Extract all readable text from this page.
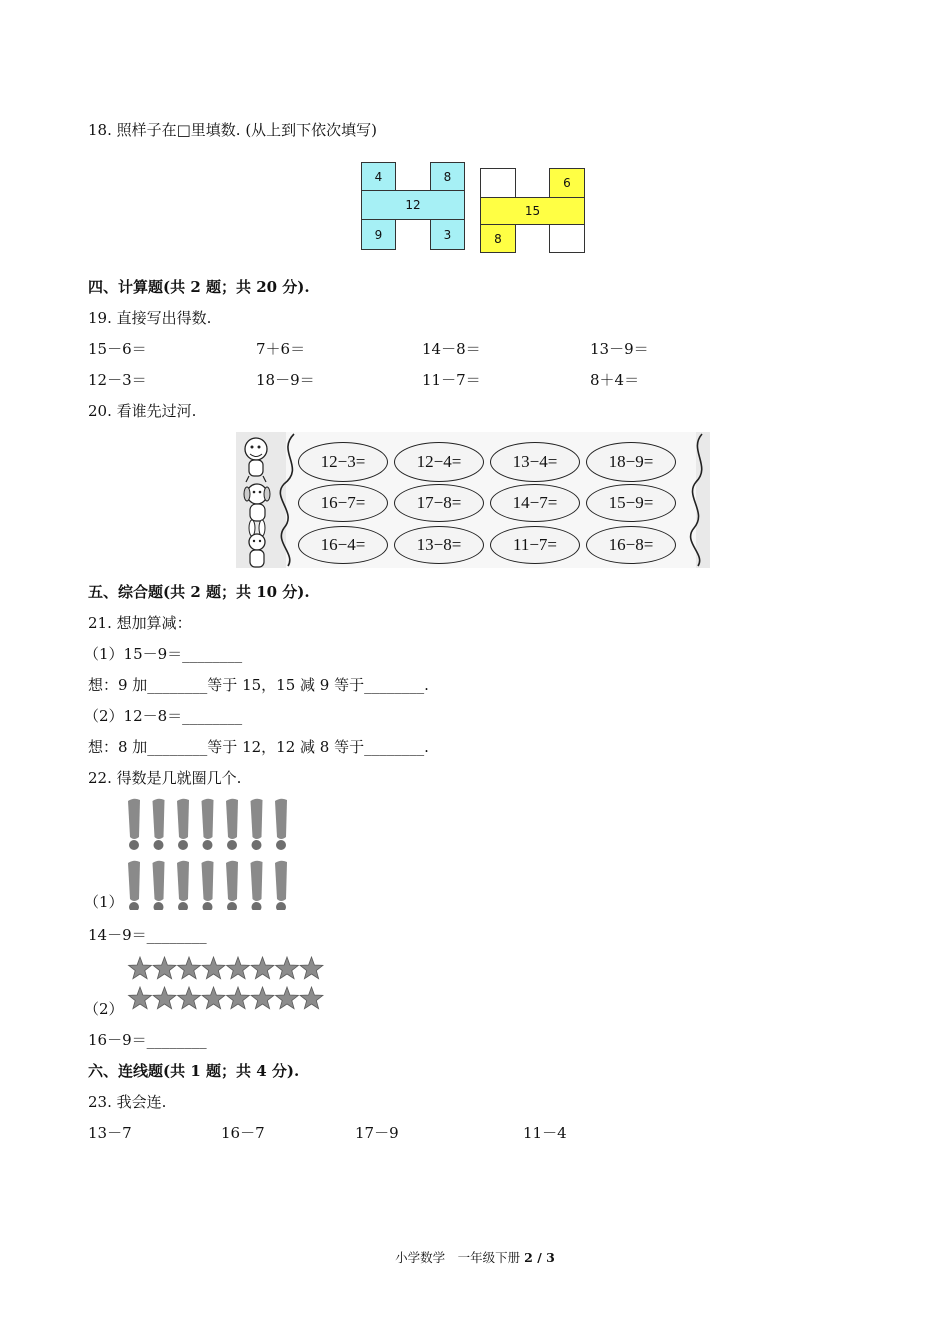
18. 照样子在□里填数. (从上到下依次填写)
4	8
12
9	3
6
15
8
四、计算题(共 2 题；共 20 分).
19. 直接写出得数.
15－6＝	7＋6＝	14－8＝	13－9＝
12－3＝	18－9＝	11－7＝	8＋4＝
20. 看谁先过河.
12−3=	12−4=	13−4=	18−9=
16−7=	17−8=	14−7=	15−9=
16−4=	13−8=	11−7=	16−8=
五、综合题(共 2 题；共 10 分).
21. 想加算减：
（1）15－9＝________
想：9 加________等于 15，15 减 9 等于________.
（2）12－8＝________
想：8 加________等于 12，12 减 8 等于________.
22. 得数是几就圈几个.
（1）
14－9＝________
（2）
16－9＝________
六、连线题(共 1 题；共 4 分).
23. 我会连.
13－7	16－7	17－9	11－4
小学数学　一年级下册 2 / 3
